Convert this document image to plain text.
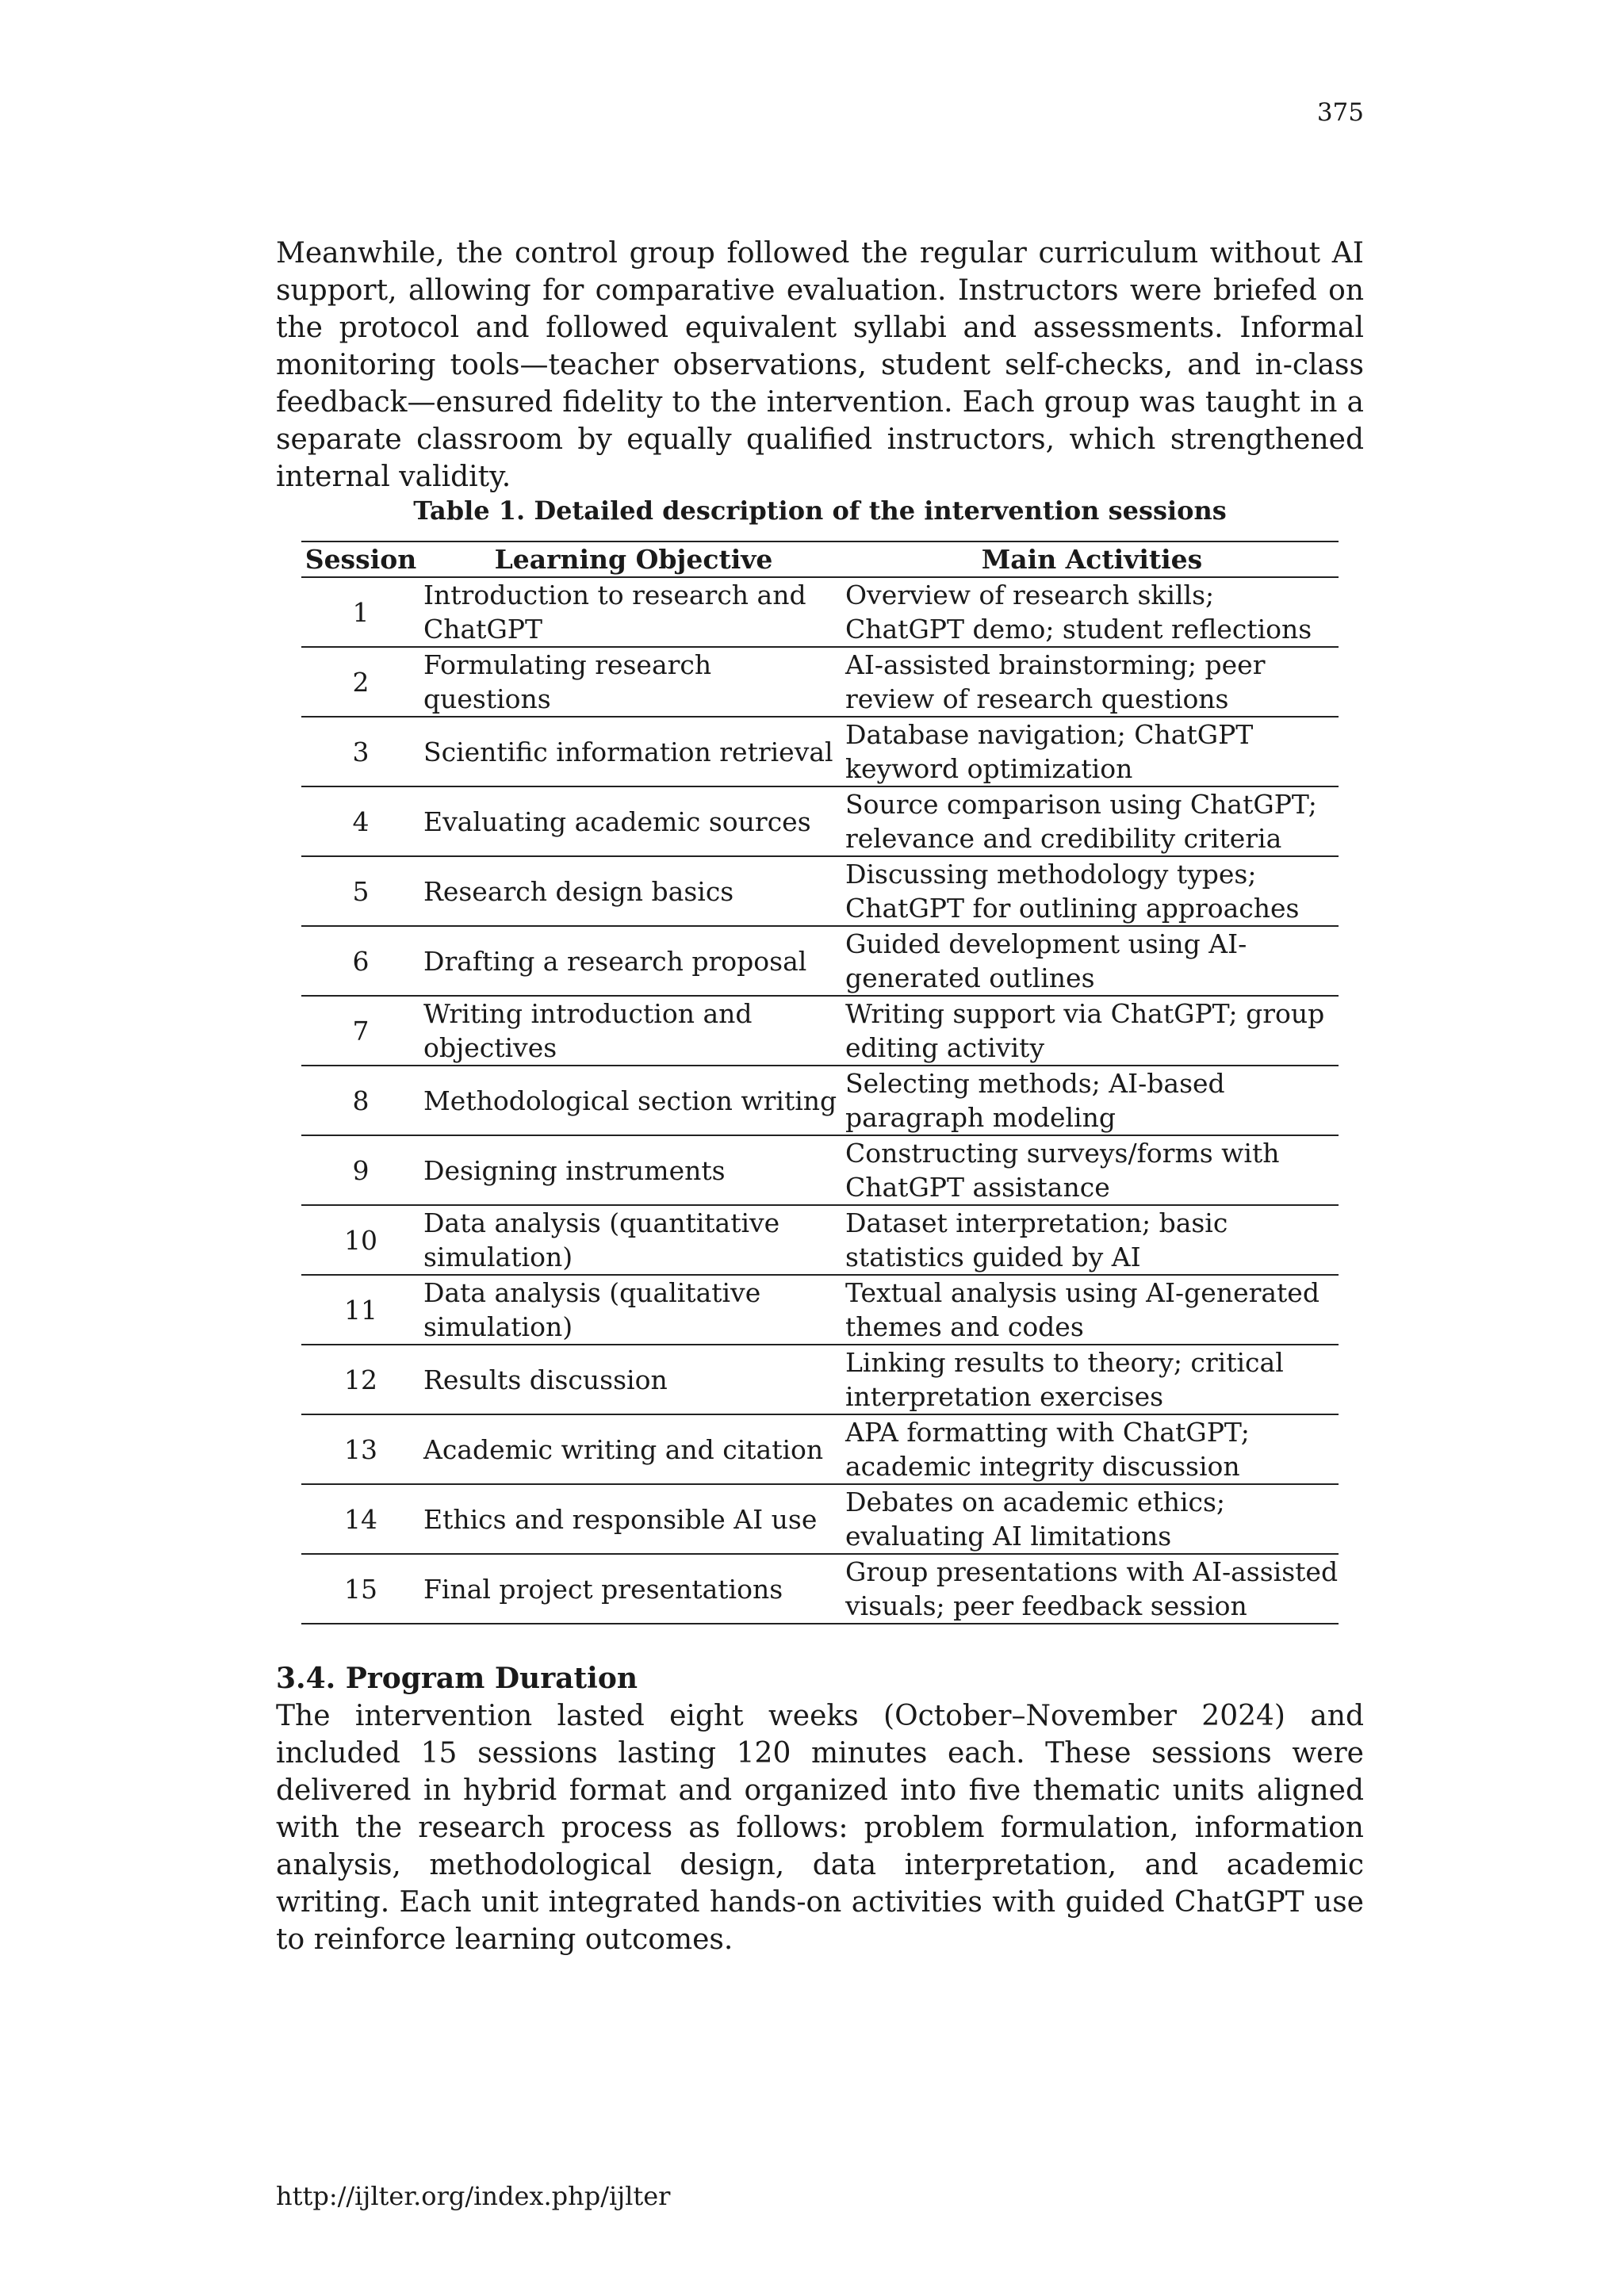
375

Meanwhile, the control group followed the regular curriculum without AI support, allowing for comparative evaluation. Instructors were briefed on the protocol and followed equivalent syllabi and assessments. Informal monitoring tools—teacher observations, student self-checks, and in-class feedback—ensured fidelity to the intervention. Each group was taught in a separate classroom by equally qualified instructors, which strengthened internal validity.

Table 1. Detailed description of the intervention sessions
Session	Learning Objective	Main Activities
1	Introduction to research and ChatGPT	Overview of research skills; ChatGPT demo; student reflections
2	Formulating research questions	AI-assisted brainstorming; peer review of research questions
3	Scientific information retrieval	Database navigation; ChatGPT keyword optimization
4	Evaluating academic sources	Source comparison using ChatGPT; relevance and credibility criteria
5	Research design basics	Discussing methodology types; ChatGPT for outlining approaches
6	Drafting a research proposal	Guided development using AI-generated outlines
7	Writing introduction and objectives	Writing support via ChatGPT; group editing activity
8	Methodological section writing	Selecting methods; AI-based paragraph modeling
9	Designing instruments	Constructing surveys/forms with ChatGPT assistance
10	Data analysis (quantitative simulation)	Dataset interpretation; basic statistics guided by AI
11	Data analysis (qualitative simulation)	Textual analysis using AI-generated themes and codes
12	Results discussion	Linking results to theory; critical interpretation exercises
13	Academic writing and citation	APA formatting with ChatGPT; academic integrity discussion
14	Ethics and responsible AI use	Debates on academic ethics; evaluating AI limitations
15	Final project presentations	Group presentations with AI-assisted visuals; peer feedback session
3.4. Program Duration

The intervention lasted eight weeks (October–November 2024) and included 15 sessions lasting 120 minutes each. These sessions were delivered in hybrid format and organized into five thematic units aligned with the research process as follows: problem formulation, information analysis, methodological design, data interpretation, and academic writing. Each unit integrated hands-on activities with guided ChatGPT use to reinforce learning outcomes.

http://ijlter.org/index.php/ijlter
